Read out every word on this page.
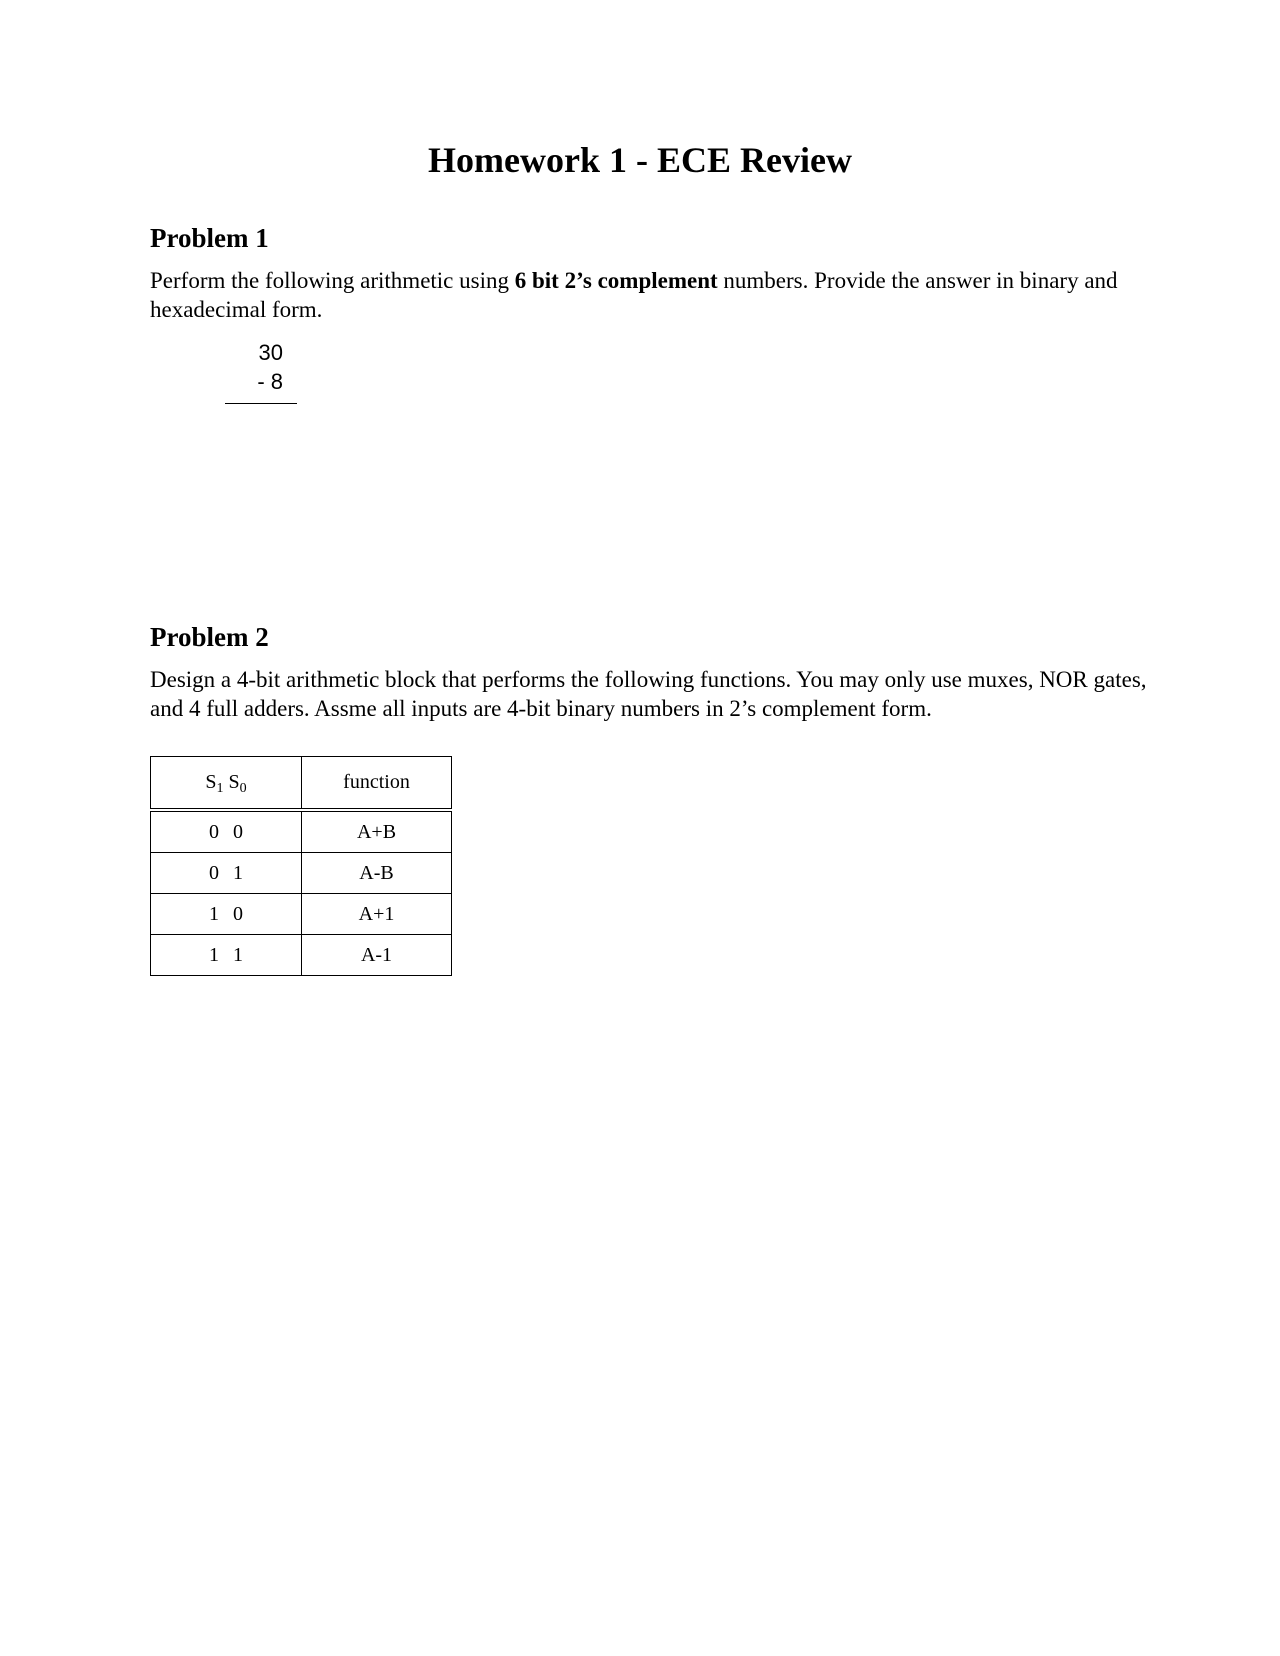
Homework 1 - ECE Review
Problem 1

Perform the following arithmetic using 6 bit 2’s complement numbers. Provide the answer in binary and hexadecimal form.

30
- 8
Problem 2

Design a 4-bit arithmetic block that performs the following functions. You may only use muxes, NOR gates, and 4 full adders. Assme all inputs are 4-bit binary numbers in 2’s complement form.

$S_1$ $S_0$	function
0 0	A+B
0 1	A-B
1 0	A+1
1 1	A-1
